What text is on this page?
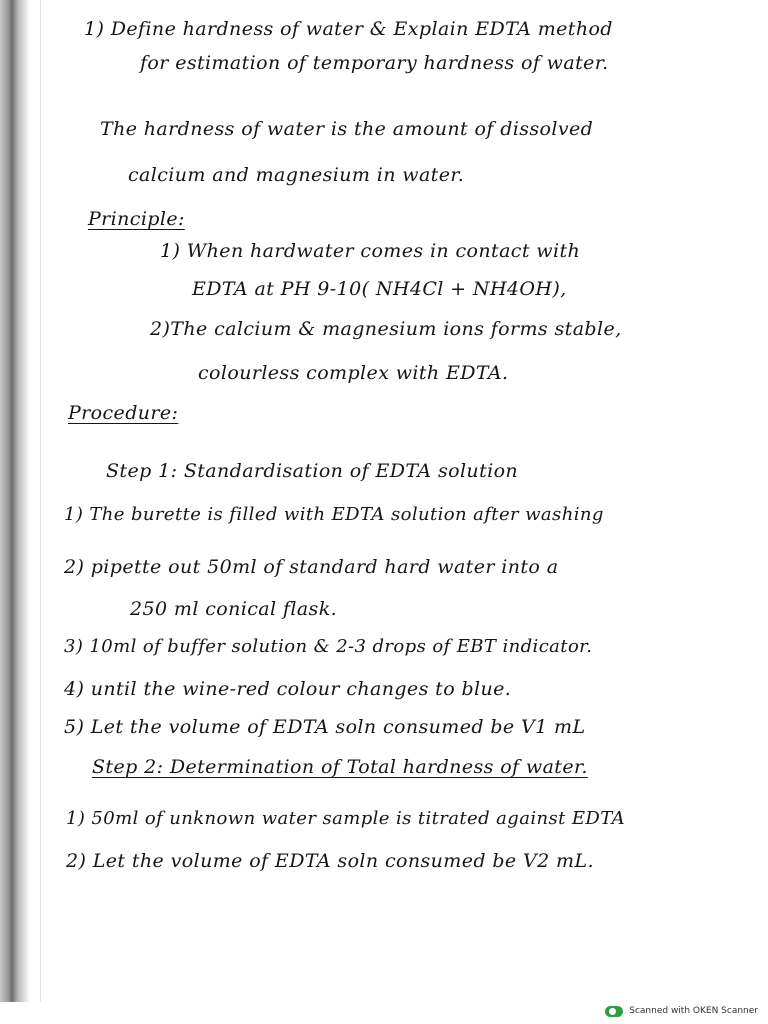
1) Define hardness of water & Explain EDTA method
for estimation of temporary hardness of water.
The hardness of water is the amount of dissolved
calcium and magnesium in water.
Principle:
1) When hardwater comes in contact with
EDTA at PH 9-10( NH4Cl + NH4OH),
2)The calcium & magnesium ions forms stable,
colourless complex with EDTA.
Procedure:
Step 1: Standardisation of EDTA solution
1) The burette is filled with EDTA solution after washing
2) pipette out 50ml of standard hard water into a
250 ml conical flask.
3) 10ml of buffer solution & 2-3 drops of EBT indicator.
4) until the wine-red colour changes to blue.
5) Let the volume of EDTA soln consumed be V1 mL
Step 2: Determination of Total hardness of water.
1) 50ml of unknown water sample is titrated against EDTA
2) Let the volume of EDTA soln consumed be V2 mL.
Scanned with OKEN Scanner
